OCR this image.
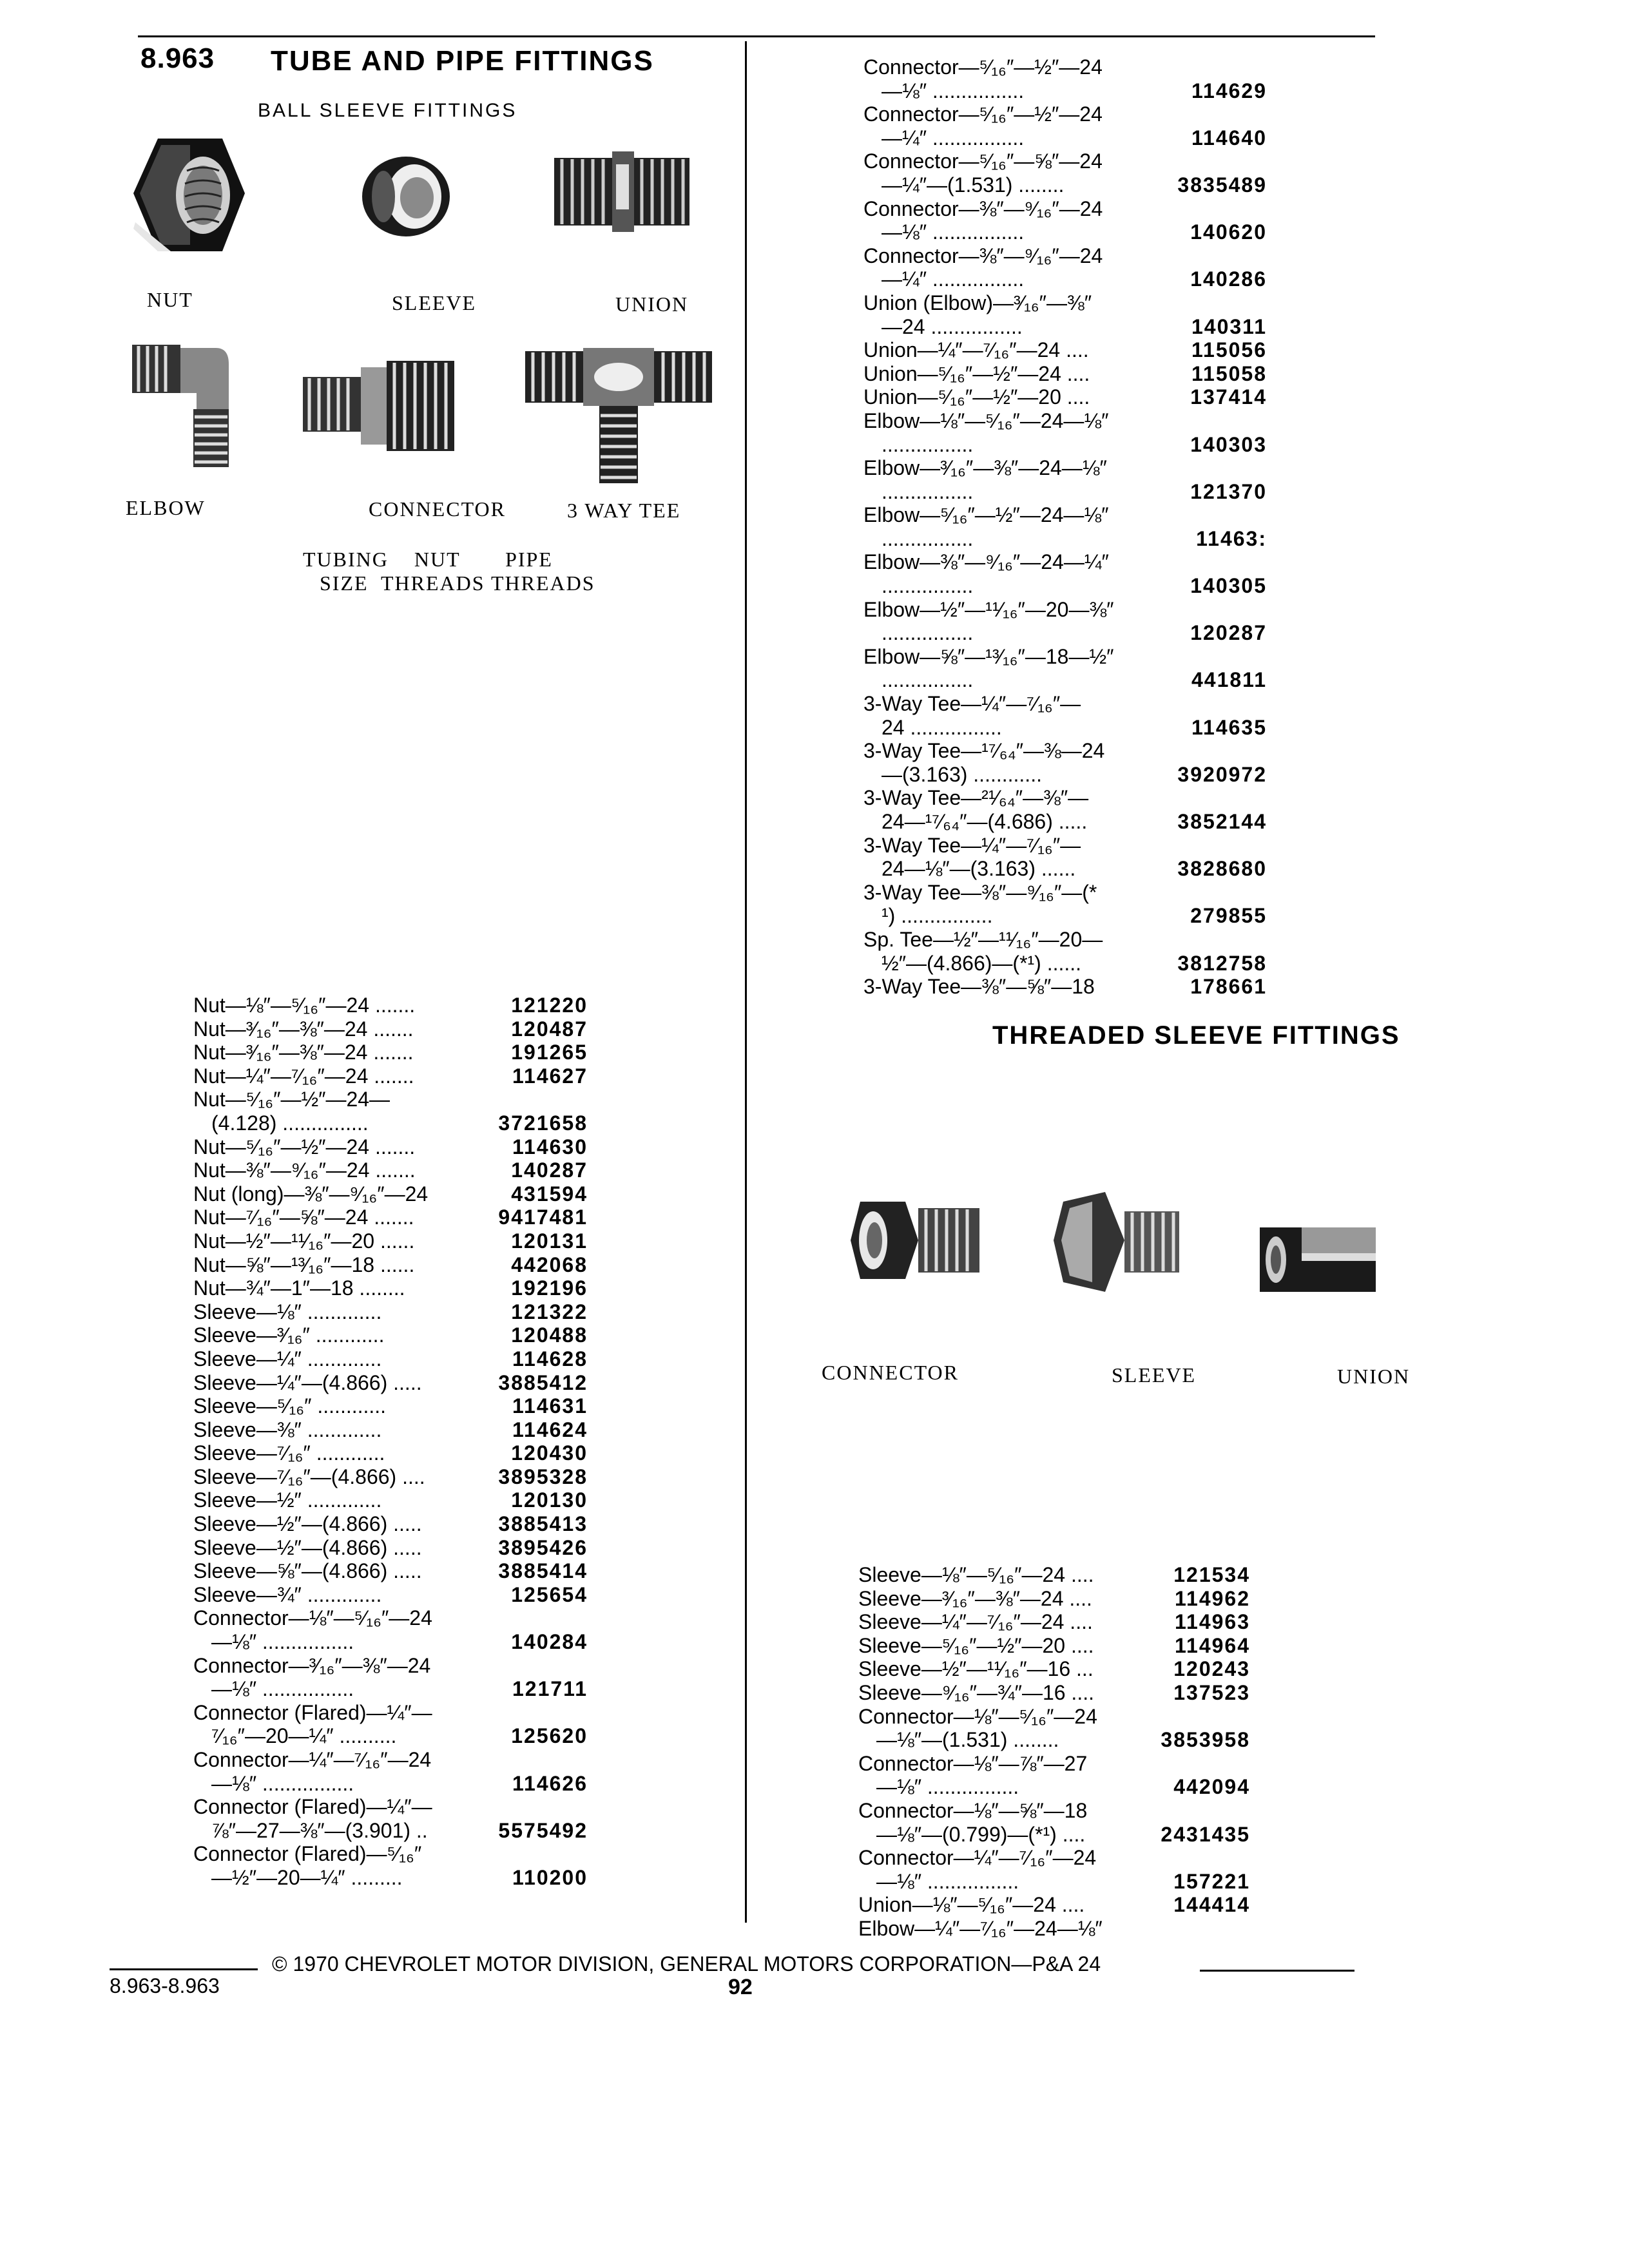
8.963 TUBE AND PIPE FITTINGS
BALL SLEEVE FITTINGS
NUT	SLEEVE	UNION
ELBOW	CONNECTOR	3 WAY TEE
TUBING    NUT       PIPE
SIZE  THREADS THREADS
Nut—⅛″—⁵⁄₁₆″—24 .......	121220
Nut—³⁄₁₆″—⅜″—24 .......	120487
Nut—³⁄₁₆″—⅜″—24 .......	191265
Nut—¼″—⁷⁄₁₆″—24 .......	114627
Nut—⁵⁄₁₆″—½″—24—
(4.128) ...............	3721658
Nut—⁵⁄₁₆″—½″—24 .......	114630
Nut—⅜″—⁹⁄₁₆″—24 .......	140287
Nut (long)—⅜″—⁹⁄₁₆″—24	431594
Nut—⁷⁄₁₆″—⅝″—24 .......	9417481
Nut—½″—¹¹⁄₁₆″—20 ......	120131
Nut—⅝″—¹³⁄₁₆″—18 ......	442068
Nut—¾″—1″—18 ........	192196
Sleeve—⅛″ .............	121322
Sleeve—³⁄₁₆″ ............	120488
Sleeve—¼″ .............	114628
Sleeve—¼″—(4.866) .....	3885412
Sleeve—⁵⁄₁₆″ ............	114631
Sleeve—⅜″ .............	114624
Sleeve—⁷⁄₁₆″ ............	120430
Sleeve—⁷⁄₁₆″—(4.866) ....	3895328
Sleeve—½″ .............	120130
Sleeve—½″—(4.866) .....	3885413
Sleeve—½″—(4.866) .....	3895426
Sleeve—⅝″—(4.866) .....	3885414
Sleeve—¾″ .............	125654
Connector—⅛″—⁵⁄₁₆″—24
—⅛″ ................	140284
Connector—³⁄₁₆″—⅜″—24
—⅛″ ................	121711
Connector (Flared)—¼″—
⁷⁄₁₆″—20—¼″ ..........	125620
Connector—¼″—⁷⁄₁₆″—24
—⅛″ ................	114626
Connector (Flared)—¼″—
⅞″—27—⅜″—(3.901) ..	5575492
Connector (Flared)—⁵⁄₁₆″
—½″—20—¼″ .........	110200
Connector—⁵⁄₁₆″—½″—24
—⅛″ ................	114629
Connector—⁵⁄₁₆″—½″—24
—¼″ ................	114640
Connector—⁵⁄₁₆″—⅝″—24
—¼″—(1.531) ........	3835489
Connector—⅜″—⁹⁄₁₆″—24
—⅛″ ................	140620
Connector—⅜″—⁹⁄₁₆″—24
—¼″ ................	140286
Union (Elbow)—³⁄₁₆″—⅜″
—24 ................	140311
Union—¼″—⁷⁄₁₆″—24 ....	115056
Union—⁵⁄₁₆″—½″—24 ....	115058
Union—⁵⁄₁₆″—½″—20 ....	137414
Elbow—⅛″—⁵⁄₁₆″—24—⅛″
................	140303
Elbow—³⁄₁₆″—⅜″—24—⅛″
................	121370
Elbow—⁵⁄₁₆″—½″—24—⅛″
................	11463:
Elbow—⅜″—⁹⁄₁₆″—24—¼″
................	140305
Elbow—½″—¹¹⁄₁₆″—20—⅜″
................	120287
Elbow—⅝″—¹³⁄₁₆″—18—½″
................	441811
3-Way Tee—¼″—⁷⁄₁₆″—
24 ................	114635
3-Way Tee—¹⁷⁄₆₄″—⅜—24
—(3.163) ............	3920972
3-Way Tee—²¹⁄₆₄″—⅜″—
24—¹⁷⁄₆₄″—(4.686) .....	3852144
3-Way Tee—¼″—⁷⁄₁₆″—
24—⅛″—(3.163) ......	3828680
3-Way Tee—⅜″—⁹⁄₁₆″—(*
¹) ................	279855
Sp. Tee—½″—¹¹⁄₁₆″—20—
½″—(4.866)—(*¹) ......	3812758
3-Way Tee—⅜″—⅝″—18	178661
THREADED SLEEVE FITTINGS
CONNECTOR	SLEEVE	UNION
Sleeve—⅛″—⁵⁄₁₆″—24 ....	121534
Sleeve—³⁄₁₆″—⅜″—24 ....	114962
Sleeve—¼″—⁷⁄₁₆″—24 ....	114963
Sleeve—⁵⁄₁₆″—½″—20 ....	114964
Sleeve—½″—¹¹⁄₁₆″—16 ...	120243
Sleeve—⁹⁄₁₆″—¾″—16 ....	137523
Connector—⅛″—⁵⁄₁₆″—24
—⅛″—(1.531) ........	3853958
Connector—⅛″—⅞″—27
—⅛″ ................	442094
Connector—⅛″—⅝″—18
—⅛″—(0.799)—(*¹) ....	2431435
Connector—¼″—⁷⁄₁₆″—24
—⅛″ ................	157221
Union—⅛″—⁵⁄₁₆″—24 ....	144414
Elbow—¼″—⁷⁄₁₆″—24—⅛″
© 1970 CHEVROLET MOTOR DIVISION, GENERAL MOTORS CORPORATION—P&A 24
8.963-8.963	92
